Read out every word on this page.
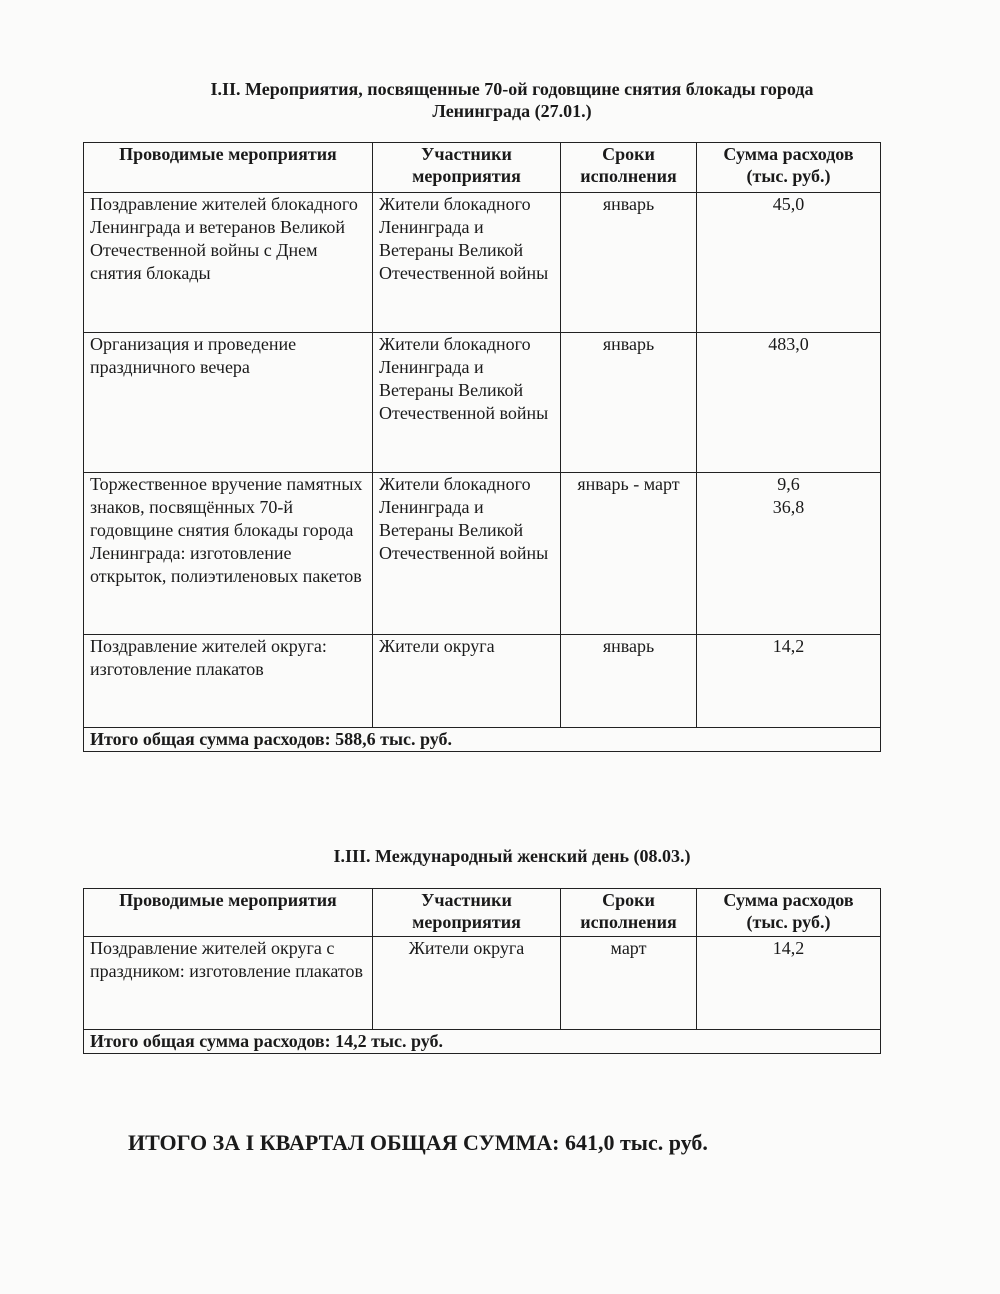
I.II. Мероприятия, посвященные 70-ой годовщине снятия блокады города
Ленинграда (27.01.)
Проводимые мероприятия	Участники мероприятия	Сроки исполнения	Сумма расходов (тыс. руб.)
Поздравление жителей блокадного Ленинграда и ветеранов Великой Отечественной войны с Днем снятия блокады	Жители блокадного Ленинграда и Ветераны Великой Отечественной войны	январь	45,0
Организация и проведение праздничного вечера	Жители блокадного Ленинграда и Ветераны Великой Отечественной войны	январь	483,0
Торжественное вручение памятных знаков, посвящённых 70-й годовщине снятия блокады города Ленинграда: изготовление открыток, полиэтиленовых пакетов	Жители блокадного Ленинграда и Ветераны Великой Отечественной войны	январь - март	9,6
36,8

Поздравление жителей округа: изготовление плакатов	Жители округа	январь	14,2
Итого общая сумма расходов: 588,6 тыс. руб.			
I.III. Международный женский день (08.03.)
Проводимые мероприятия	Участники мероприятия	Сроки исполнения	Сумма расходов (тыс. руб.)
Поздравление жителей округа с праздником: изготовление плакатов	Жители округа	март	14,2
Итого общая сумма расходов: 14,2 тыс. руб.			
ИТОГО ЗА I КВАРТАЛ ОБЩАЯ СУММА: 641,0 тыс. руб.
